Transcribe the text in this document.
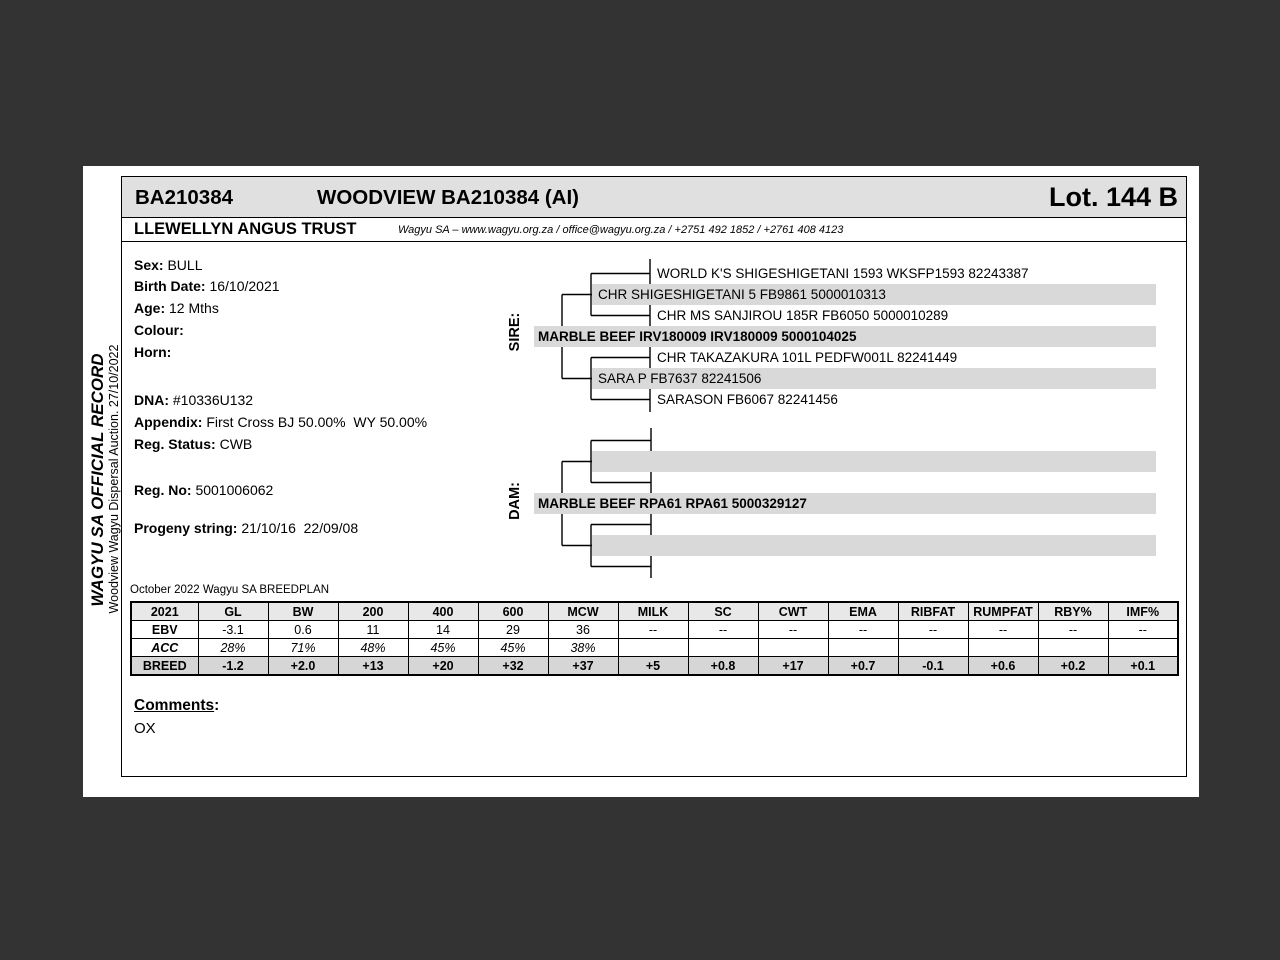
WAGYU SA OFFICIAL RECORD Woodview Wagyu Dispersal Auction. 27/10/2022
BA210384	WOODVIEW BA210384 (AI)	Lot. 144 B
LLEWELLYN ANGUS TRUST	Wagyu SA – www.wagyu.org.za / office@wagyu.org.za / +2751 492 1852 / +2761 408 4123
Sex: BULL
Birth Date: 16/10/2021
Age: 12 Mths
Colour:
Horn:
DNA: #10336U132
Appendix: First Cross BJ 50.00%  WY 50.00%
Reg. Status: CWB
Reg. No: 5001006062
Progeny string: 21/10/16  22/09/08
SIRE:
WORLD K'S SHIGESHIGETANI 1593 WKSFP1593 82243387
CHR SHIGESHIGETANI 5 FB9861 5000010313
CHR MS SANJIROU 185R FB6050 5000010289
MARBLE BEEF IRV180009 IRV180009 5000104025
CHR TAKAZAKURA 101L PEDFW001L 82241449
SARA P FB7637 82241506
SARASON FB6067 82241456
DAM: MARBLE BEEF RPA61 RPA61 5000329127
October 2022 Wagyu SA BREEDPLAN
2021	GL	BW	200	400	600	MCW	MILK	SC	CWT	EMA	RIBFAT	RUMPFAT	RBY%	IMF%
EBV	-3.1	0.6	11	14	29	36	--	--	--	--	--	--	--	--
ACC	28%	71%	48%	45%	45%	38%								
BREED	-1.2	+2.0	+13	+20	+32	+37	+5	+0.8	+17	+0.7	-0.1	+0.6	+0.2	+0.1
Comments:
OX
